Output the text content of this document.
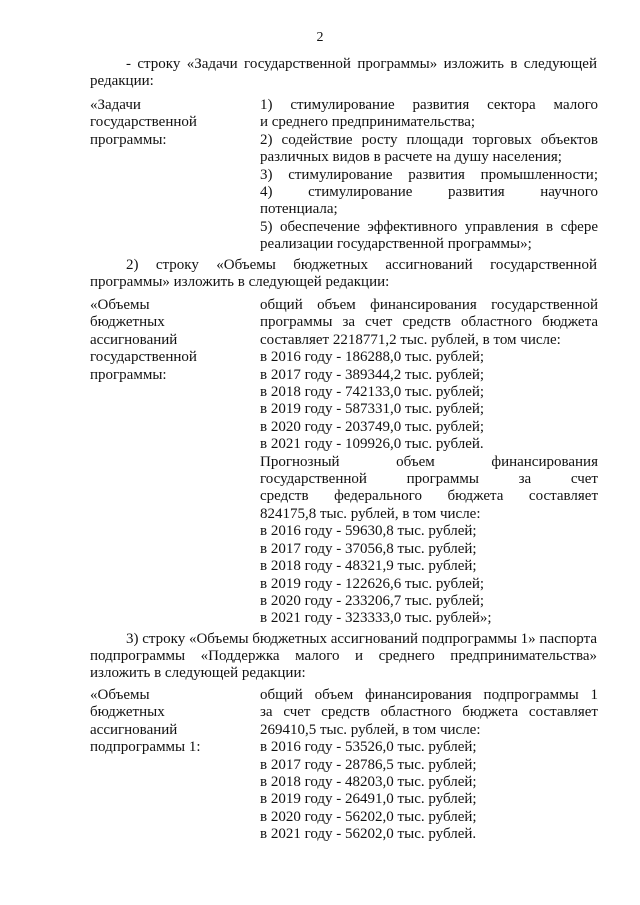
2
- строку «Задачи государственной программы» изложить в следующей редакции:
«Задачи
государственной
программы:
1) стимулирование развития сектора малого
и среднего предпринимательства;
2) содействие росту площади торговых объектов
различных видов в расчете на душу населения;
3) стимулирование развития промышленности;
4) стимулирование развития научного
потенциала;
5) обеспечение эффективного управления в сфере
реализации государственной программы»;
2) строку «Объемы бюджетных ассигнований государственной программы» изложить в следующей редакции:
«Объемы
бюджетных
ассигнований
государственной
программы:
общий объем финансирования государственной
программы за счет средств областного бюджета
составляет 2218771,2 тыс. рублей, в том числе:
в 2016 году - 186288,0 тыс. рублей;
в 2017 году - 389344,2 тыс. рублей;
в 2018 году - 742133,0 тыс. рублей;
в 2019 году - 587331,0 тыс. рублей;
в 2020 году - 203749,0 тыс. рублей;
в 2021 году - 109926,0 тыс. рублей.
Прогнозный объем финансирования
государственной программы за счет
средств федерального бюджета составляет
824175,8 тыс. рублей, в том числе:
в 2016 году - 59630,8 тыс. рублей;
в 2017 году - 37056,8 тыс. рублей;
в 2018 году - 48321,9 тыс. рублей;
в 2019 году - 122626,6 тыс. рублей;
в 2020 году - 233206,7 тыс. рублей;
в 2021 году - 323333,0 тыс. рублей»;
3) строку «Объемы бюджетных ассигнований подпрограммы 1» паспорта подпрограммы «Поддержка малого и среднего предпринимательства» изложить в следующей редакции:
«Объемы
бюджетных
ассигнований
подпрограммы 1:
общий объем финансирования подпрограммы 1
за счет средств областного бюджета составляет
269410,5 тыс. рублей, в том числе:
в 2016 году - 53526,0 тыс. рублей;
в 2017 году - 28786,5 тыс. рублей;
в 2018 году - 48203,0 тыс. рублей;
в 2019 году - 26491,0 тыс. рублей;
в 2020 году - 56202,0 тыс. рублей;
в 2021 году - 56202,0 тыс. рублей.
